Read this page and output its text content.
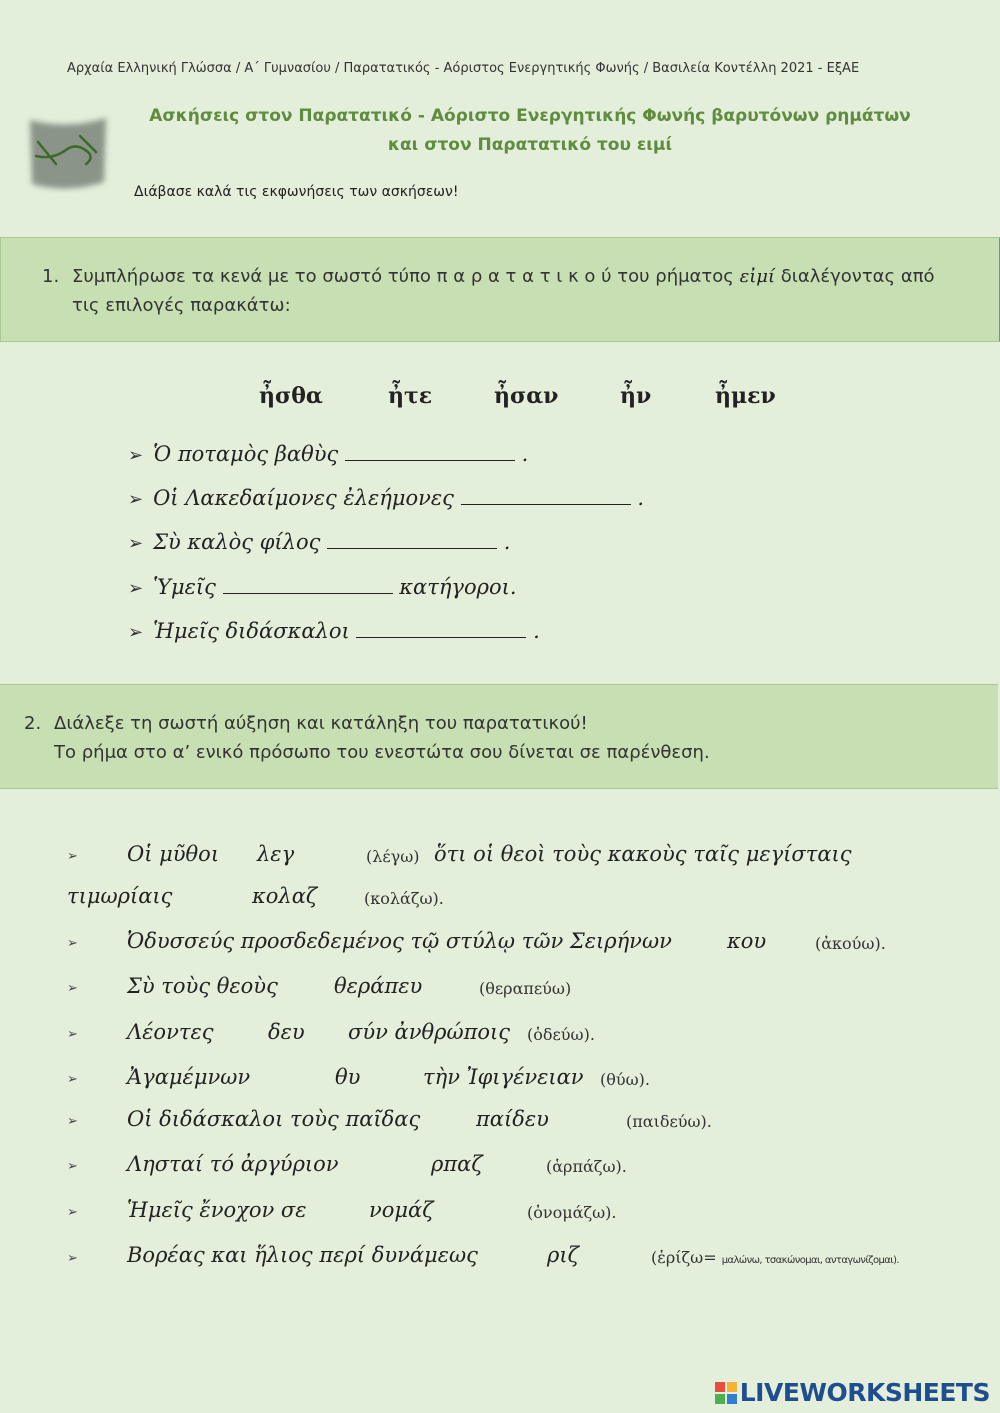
Αρχαία Ελληνική Γλώσσα / Α΄ Γυμνασίου / Παρατατικός - Αόριστος Ενεργητικής Φωνής / Βασιλεία Κοντέλλη 2021 - ΕξΑΕ
Ασκήσεις στον Παρατατικό - Αόριστο Ενεργητικής Φωνής βαρυτόνων ρημάτων
και στον Παρατατικό του ειμί
Διάβασε καλά τις εκφωνήσεις των ασκήσεων!
1. Συμπλήρωσε τα κενά με το σωστό τύπο π α ρ α τ α τ ι κ ο ύ του ρήματος εἰμί διαλέγοντας από
τις επιλογές παρακάτω:
ἦσθα	ἦτε	ἦσαν	ἦν	ἦμεν
➢ Ὁ ποταμὸς βαθὺς	.
➢ Οἱ Λακεδαίμονες ἐλεήμονες	.
➢ Σὺ καλὸς φίλος	.
➢ Ὑμεῖς	κατήγοροι.
➢ Ἡμεῖς διδάσκαλοι	.
2. Διάλεξε τη σωστή αύξηση και κατάληξη του παρατατικού!
Το ρήμα στο α’ ενικό πρόσωπο του ενεστώτα σου δίνεται σε παρένθεση.
➢ Οἱ μῦθοι λεγ	(λέγω) ὅτι οἱ θεοὶ τοὺς κακοὺς ταῖς μεγίσταις
τιμωρίαις	κολαζ	(κολάζω).
➢ Ὀδυσσεύς προσδεδεμένος τῷ στύλῳ τῶν Σειρήνων	κου	(ἀκούω).
➢ Σὺ τοὺς θεοὺς	θεράπευ	(θεραπεύω)
➢ Λέοντες	δευ σύν ἀνθρώποις (ὁδεύω).
➢ Ἀγαμέμνων	θυ	τὴν Ἰφιγένειαν (θύω).
➢ Οἱ διδάσκαλοι τοὺς παῖδας	παίδευ	(παιδεύω).
➢ Λησταί τό ἀργύριον	ρπαζ	(ἁρπάζω).
➢ Ἡμεῖς ἔνοχον σε	νομάζ	(ὀνομάζω).
➢ Βορέας και ἥλιος περί δυνάμεως	ριζ	(ἐρίζω= μαλώνω, τσακώνομαι, ανταγωνίζομαι).
LIVEWORKSHEETS
